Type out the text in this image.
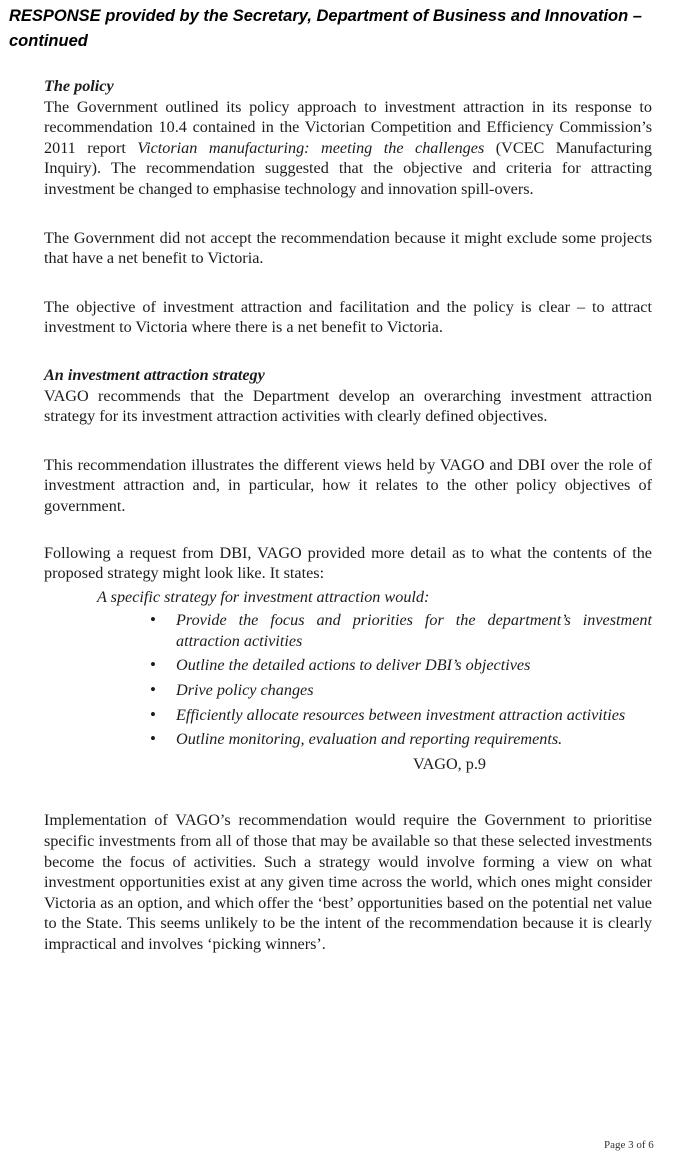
RESPONSE provided by the Secretary, Department of Business and Innovation – continued
The policy

The Government outlined its policy approach to investment attraction in its response to recommendation 10.4 contained in the Victorian Competition and Efficiency Commission’s 2011 report Victorian manufacturing: meeting the challenges (VCEC Manufacturing Inquiry). The recommendation suggested that the objective and criteria for attracting investment be changed to emphasise technology and innovation spill-overs.

The Government did not accept the recommendation because it might exclude some projects that have a net benefit to Victoria.

The objective of investment attraction and facilitation and the policy is clear – to attract investment to Victoria where there is a net benefit to Victoria.

An investment attraction strategy

VAGO recommends that the Department develop an overarching investment attraction strategy for its investment attraction activities with clearly defined objectives.

This recommendation illustrates the different views held by VAGO and DBI over the role of investment attraction and, in particular, how it relates to the other policy objectives of government.

Following a request from DBI, VAGO provided more detail as to what the contents of the proposed strategy might look like. It states:

A specific strategy for investment attraction would:

• Provide the focus and priorities for the department’s investment attraction activities
• Outline the detailed actions to deliver DBI’s objectives
• Drive policy changes
• Efficiently allocate resources between investment attraction activities
• Outline monitoring, evaluation and reporting requirements.

VAGO, p.9

Implementation of VAGO’s recommendation would require the Government to prioritise specific investments from all of those that may be available so that these selected investments become the focus of activities. Such a strategy would involve forming a view on what investment opportunities exist at any given time across the world, which ones might consider Victoria as an option, and which offer the ‘best’ opportunities based on the potential net value to the State. This seems unlikely to be the intent of the recommendation because it is clearly impractical and involves ‘picking winners’.

Page 3 of 6
